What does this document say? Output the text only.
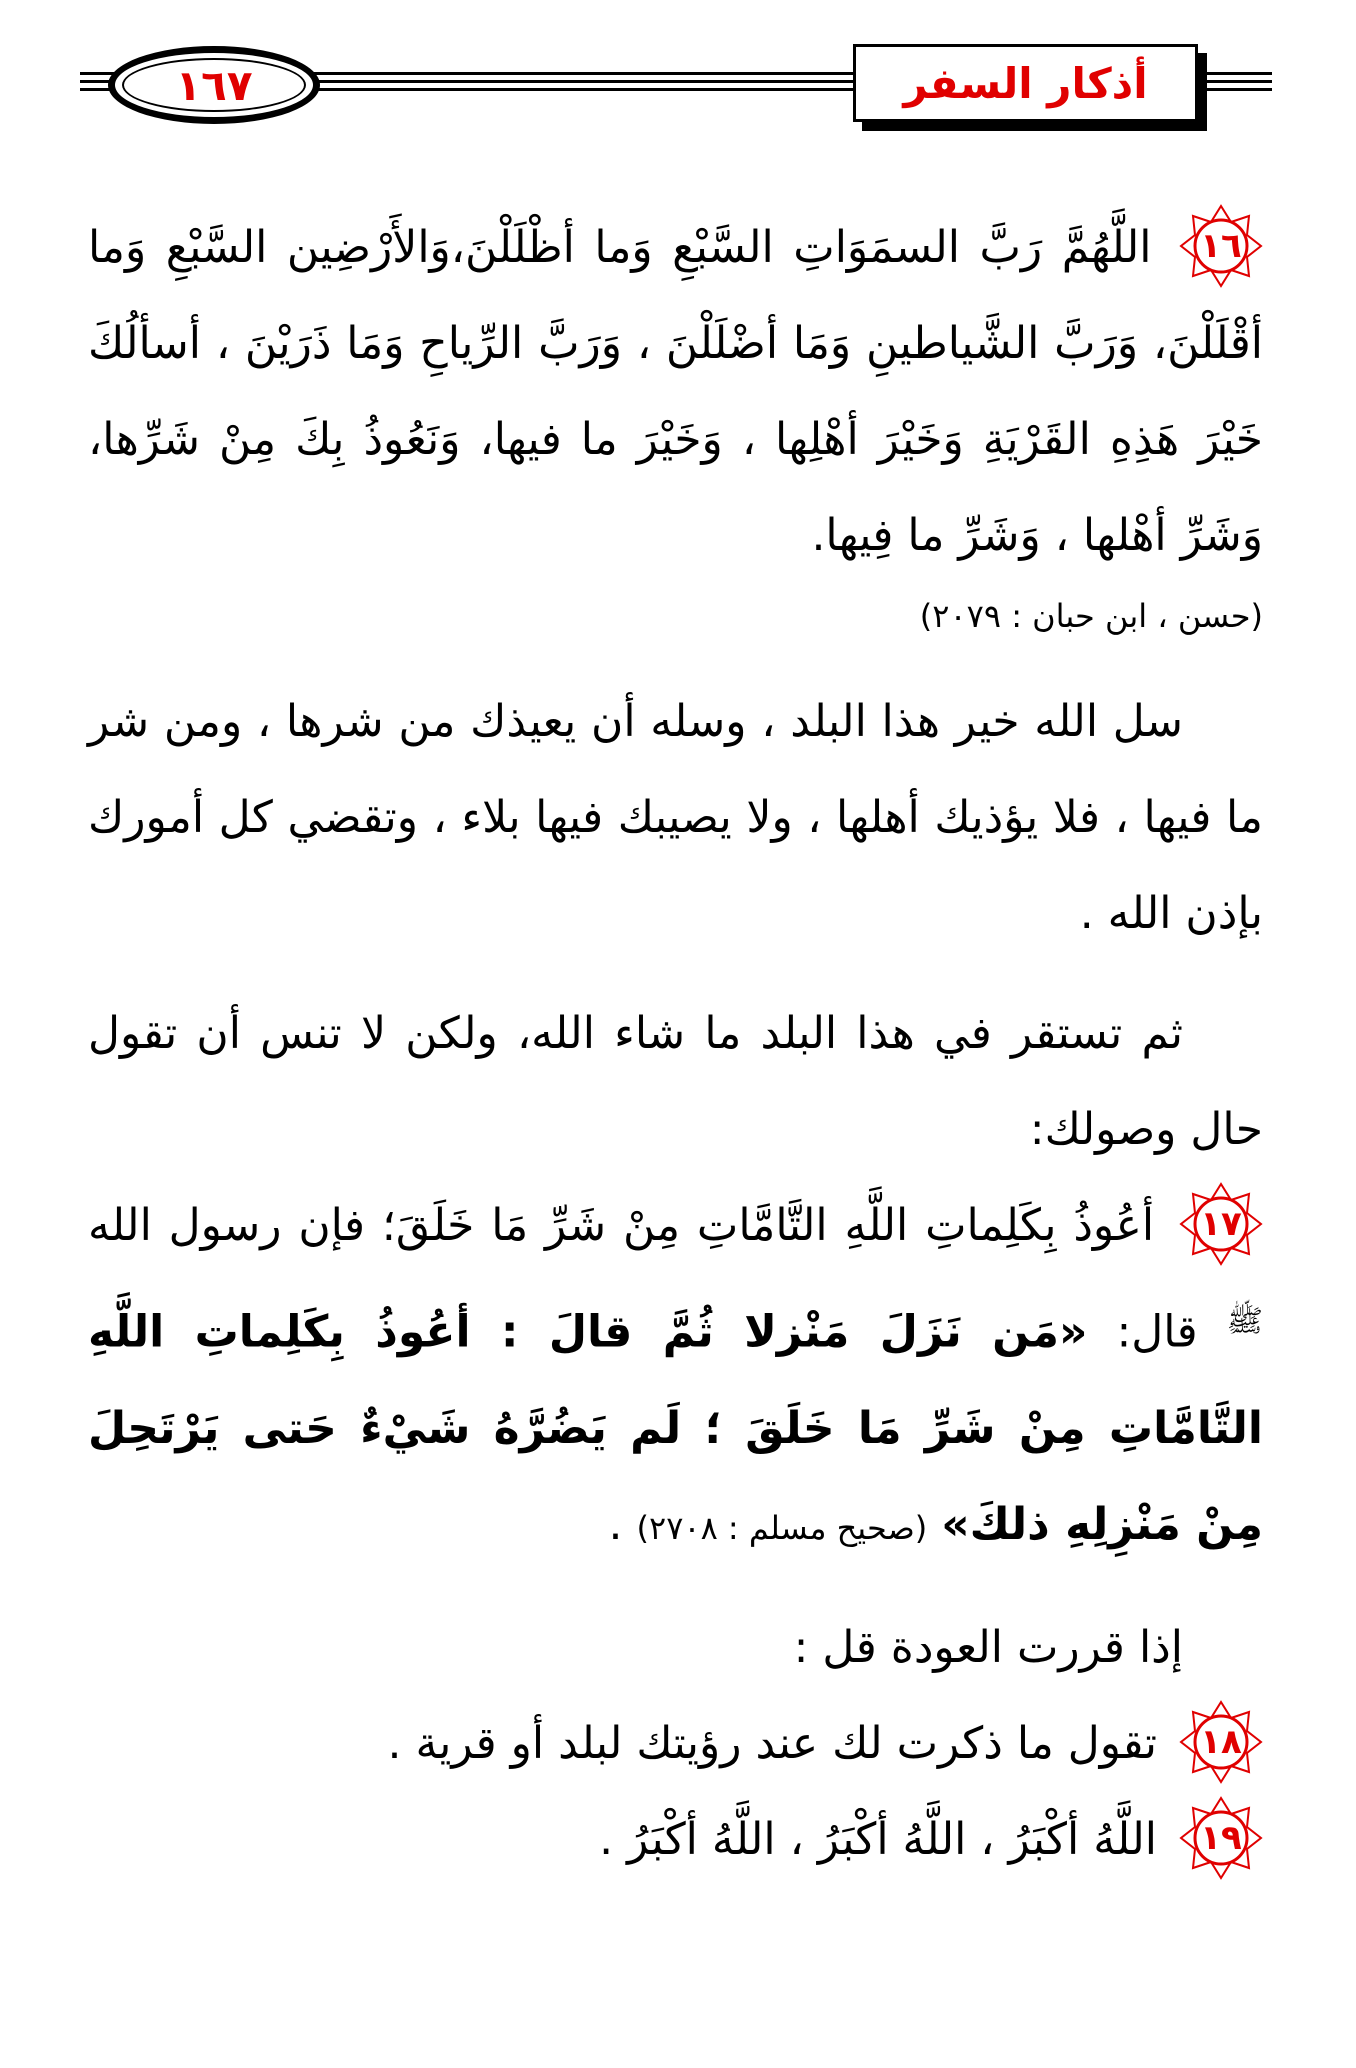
١٦٧	أذكار السفر

١٦
اللَّهُمَّ رَبَّ السمَوَاتِ السَّبْعِ وَما أظْلَلْنَ،وَالأَرْضِين السَّبْعِ وَما أقْلَلْنَ، وَرَبَّ الشَّياطينِ وَمَا أضْلَلْنَ ، وَرَبَّ الرِّياحِ وَمَا ذَرَيْنَ ، أسألُكَ خَيْرَ هَذِهِ القَرْيَةِ وَخَيْرَ أهْلِها ، وَخَيْرَ ما فيها، وَنَعُوذُ بِكَ مِنْ شَرِّها، وَشَرِّ أهْلها ، وَشَرِّ ما فِيها.

(حسن ، ابن حبان : ٢٠٧٩)

سل الله خير هذا البلد ، وسله أن يعيذك من شرها ، ومن شر ما فيها ، فلا يؤذيك أهلها ، ولا يصيبك فيها بلاء ، وتقضي كل أمورك بإذن الله .

ثم تستقر في هذا البلد ما شاء الله، ولكن لا تنس أن تقول حال وصولك:

١٧
أعُوذُ بِكَلِماتِ اللَّهِ التَّامَّاتِ مِنْ شَرِّ مَا خَلَقَ؛ فإن رسول الله ﷺ قال: «مَن نَزَلَ مَنْزلا ثُمَّ قالَ : أعُوذُ بِكَلِماتِ اللَّهِ التَّامَّاتِ مِنْ شَرِّ مَا خَلَقَ ؛ لَم يَضُرَّهُ شَيْءٌ حَتى يَرْتَحِلَ مِنْ مَنْزِلِهِ ذلكَ» (صحيح مسلم : ٢٧٠٨) .

إذا قررت العودة قل :

١٨
تقول ما ذكرت لك عند رؤيتك لبلد أو قرية .

١٩
اللَّهُ أكْبَرُ ، اللَّهُ أكْبَرُ ، اللَّهُ أكْبَرُ .
